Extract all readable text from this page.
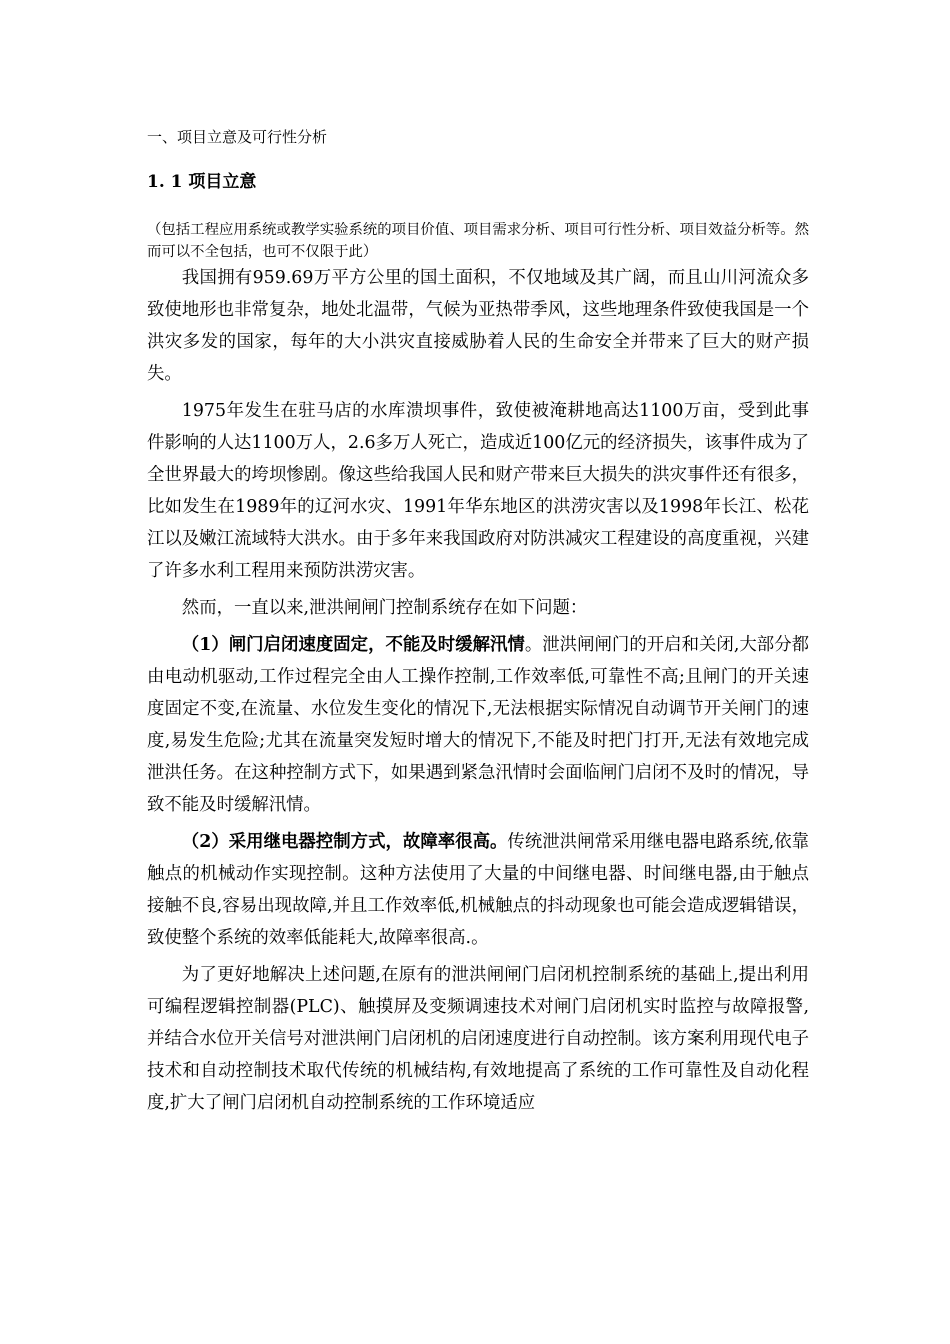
一、项目立意及可行性分析
1. 1 项目立意
（包括工程应用系统或教学实验系统的项目价值、项目需求分析、项目可行性分析、项目效益分析等。然而可以不全包括，也可不仅限于此）

我国拥有959.69万平方公里的国土面积，不仅地域及其广阔，而且山川河流众多致使地形也非常复杂，地处北温带，气候为亚热带季风，这些地理条件致使我国是一个洪灾多发的国家，每年的大小洪灾直接威胁着人民的生命安全并带来了巨大的财产损失。

1975年发生在驻马店的水库溃坝事件，致使被淹耕地高达1100万亩，受到此事件影响的人达1100万人，2.6多万人死亡，造成近100亿元的经济损失，该事件成为了全世界最大的垮坝惨剧。像这些给我国人民和财产带来巨大损失的洪灾事件还有很多，比如发生在1989年的辽河水灾、1991年华东地区的洪涝灾害以及1998年长江、松花江以及嫩江流域特大洪水。由于多年来我国政府对防洪减灾工程建设的高度重视，兴建了许多水利工程用来预防洪涝灾害。

然而，一直以来,泄洪闸闸门控制系统存在如下问题：

（1）闸门启闭速度固定，不能及时缓解汛情。泄洪闸闸门的开启和关闭,大部分都由电动机驱动,工作过程完全由人工操作控制,工作效率低,可靠性不高;且闸门的开关速度固定不变,在流量、水位发生变化的情况下,无法根据实际情况自动调节开关闸门的速度,易发生危险;尤其在流量突发短时增大的情况下,不能及时把门打开,无法有效地完成泄洪任务。在这种控制方式下，如果遇到紧急汛情时会面临闸门启闭不及时的情况，导致不能及时缓解汛情。

（2）采用继电器控制方式，故障率很高。传统泄洪闸常采用继电器电路系统,依靠触点的机械动作实现控制。这种方法使用了大量的中间继电器、时间继电器,由于触点接触不良,容易出现故障,并且工作效率低,机械触点的抖动现象也可能会造成逻辑错误，致使整个系统的效率低能耗大,故障率很高.。

为了更好地解决上述问题,在原有的泄洪闸闸门启闭机控制系统的基础上,提出利用可编程逻辑控制器(PLC)、触摸屏及变频调速技术对闸门启闭机实时监控与故障报警,并结合水位开关信号对泄洪闸门启闭机的启闭速度进行自动控制。该方案利用现代电子技术和自动控制技术取代传统的机械结构,有效地提高了系统的工作可靠性及自动化程度,扩大了闸门启闭机自动控制系统的工作环境适应
